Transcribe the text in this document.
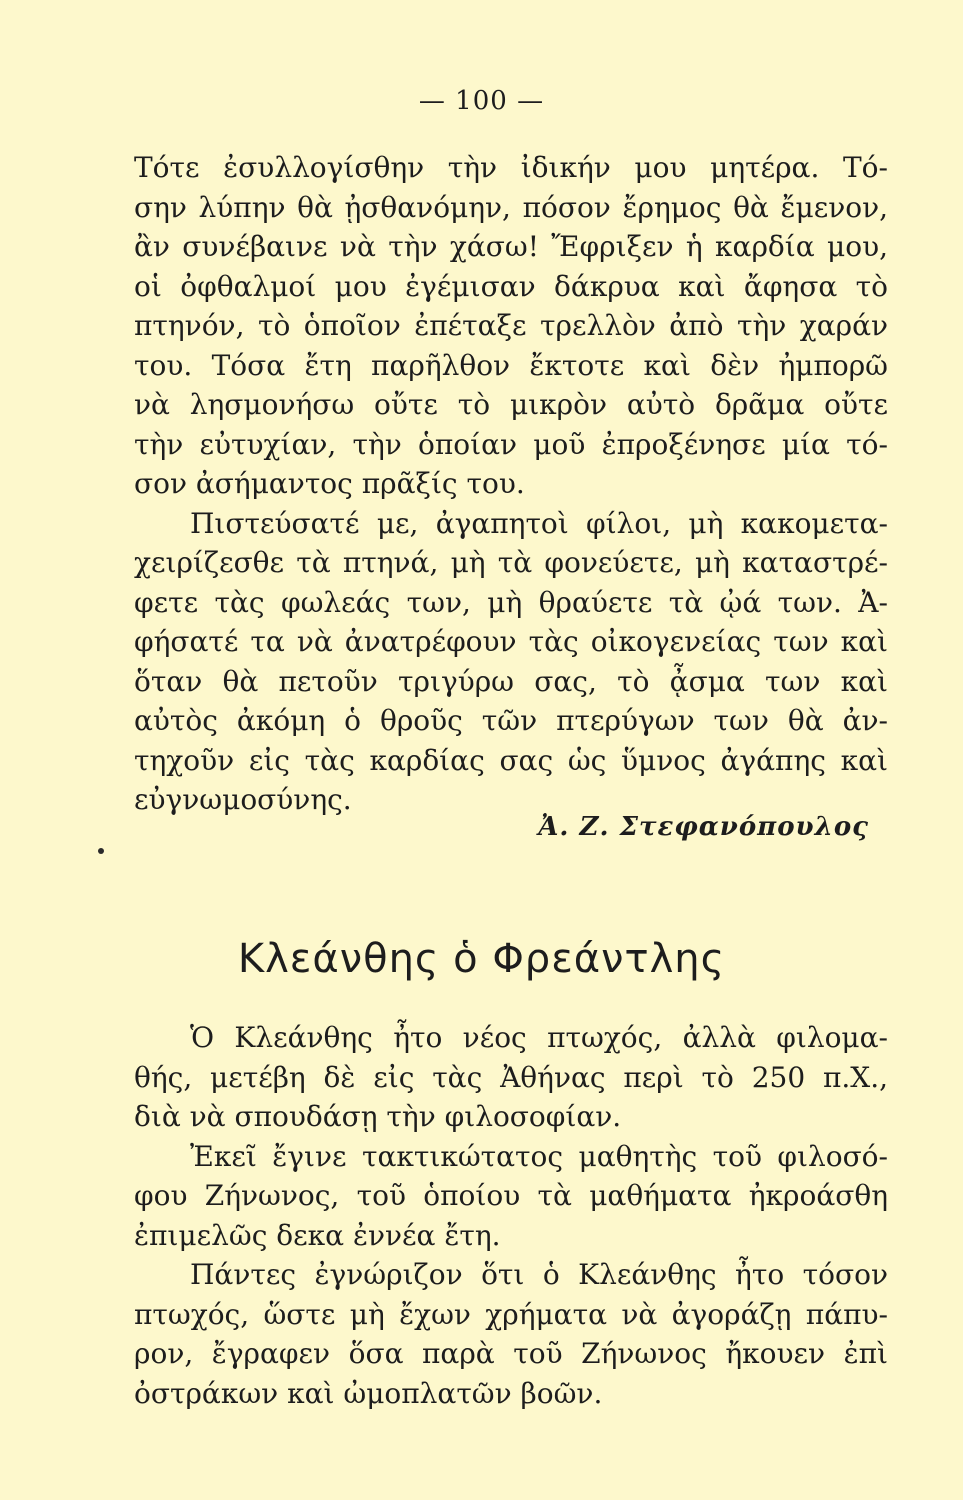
— 100 —
Τότε ἐσυλλογίσθην τὴν ἰδικήν μου μητέρα. Τό-
σην λύπην θὰ ᾐσθανόμην, πόσον ἔρημος θὰ ἔμενον,
ἂν συνέβαινε νὰ τὴν χάσω! Ἔφριξεν ἡ καρδία μου,
οἱ ὀφθαλμοί μου ἐγέμισαν δάκρυα καὶ ἄφησα τὸ
πτηνόν, τὸ ὁποῖον ἐπέταξε τρελλὸν ἀπὸ τὴν χαράν
του. Τόσα ἔτη παρῆλθον ἔκτοτε καὶ δὲν ἠμπορῶ
νὰ λησμονήσω οὔτε τὸ μικρὸν αὐτὸ δρᾶμα οὔτε
τὴν εὐτυχίαν, τὴν ὁποίαν μοῦ ἐπροξένησε μία τό-
σον ἀσήμαντος πρᾶξίς του.
Πιστεύσατέ με, ἀγαπητοὶ φίλοι, μὴ κακομετα-
χειρίζεσθε τὰ πτηνά, μὴ τὰ φονεύετε, μὴ καταστρέ-
φετε τὰς φωλεάς των, μὴ θραύετε τὰ ᾠά των. Ἀ-
φήσατέ τα νὰ ἀνατρέφουν τὰς οἰκογενείας των καὶ
ὅταν θὰ πετοῦν τριγύρω σας, τὸ ᾆσμα των καὶ
αὐτὸς ἀκόμη ὁ θροῦς τῶν πτερύγων των θὰ ἀν-
τηχοῦν εἰς τὰς καρδίας σας ὡς ὕμνος ἀγάπης καὶ
εὐγνωμοσύνης.
Ἀ. Ζ. Στεφανόπουλος
Κλεάνθης ὁ Φρεάντλης
Ὁ Κλεάνθης ἦτο νέος πτωχός, ἀλλὰ φιλομα-
θής, μετέβη δὲ εἰς τὰς Ἀθήνας περὶ τὸ 250 π.Χ.,
διὰ νὰ σπουδάσῃ τὴν φιλοσοφίαν.
Ἐκεῖ ἔγινε τακτικώτατος μαθητὴς τοῦ φιλοσό-
φου Ζήνωνος, τοῦ ὁποίου τὰ μαθήματα ἠκροάσθη
ἐπιμελῶς δεκα ἐννέα ἔτη.
Πάντες ἐγνώριζον ὅτι ὁ Κλεάνθης ἦτο τόσον
πτωχός, ὥστε μὴ ἔχων χρήματα νὰ ἀγοράζῃ πάπυ-
ρον, ἔγραφεν ὅσα παρὰ τοῦ Ζήνωνος ἤκουεν ἐπὶ
ὀστράκων καὶ ὠμοπλατῶν βοῶν.
